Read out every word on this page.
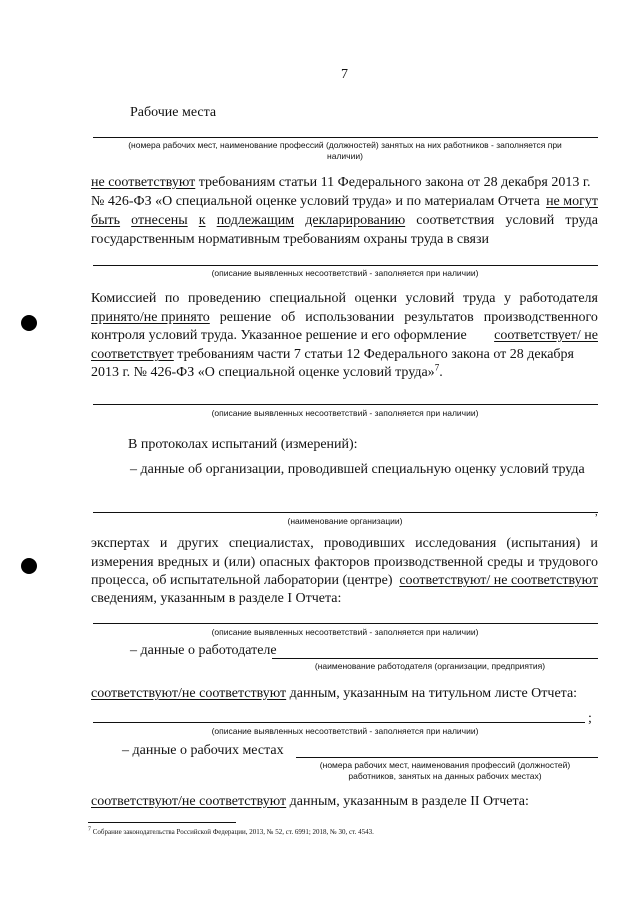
7
Рабочие места
(номера рабочих мест, наименование профессий (должностей) занятых на них работников - заполняется при
наличии)
не соответствуют требованиям статьи 11 Федерального закона от 28 декабря 2013 г.
№ 426-ФЗ «О специальной оценке условий труда» и по материалам Отчета не могут
быть отнесены к подлежащим декларированию соответствия условий труда
государственным нормативным требованиям охраны труда в связи
(описание выявленных несоответствий - заполняется при наличии)
Комиссией по проведению специальной оценки условий труда у работодателя
принято/не принято решение об использовании результатов производственного
контроля условий труда. Указанное решение и его оформление соответствует/ не
соответствует требованиям части 7 статьи 12 Федерального закона от 28 декабря
2013 г. № 426-ФЗ «О специальной оценке условий труда»$^7$.
(описание выявленных несоответствий - заполняется при наличии)
В протоколах испытаний (измерений):
– данные об организации, проводившей специальную оценку условий труда
,
(наименование организации)
экспертах и других специалистах, проводивших исследования (испытания) и
измерения вредных и (или) опасных факторов производственной среды и трудового
процесса, об испытательной лаборатории (центре) соответствуют/ не соответствуют
сведениям, указанным в разделе I Отчета:
(описание выявленных несоответствий - заполняется при наличии)
– данные о работодателе
(наименование работодателя (организации, предприятия)
соответствуют/не соответствуют данным, указанным на титульном листе Отчета:
;
(описание выявленных несоответствий - заполняется при наличии)
– данные о рабочих местах
(номера рабочих мест, наименования профессий (должностей)
работников, занятых на данных рабочих местах)
соответствуют/не соответствуют данным, указанным в разделе II Отчета:
$^7$ Собрание законодательства Российской Федерации, 2013, № 52, ст. 6991; 2018, № 30, ст. 4543.
